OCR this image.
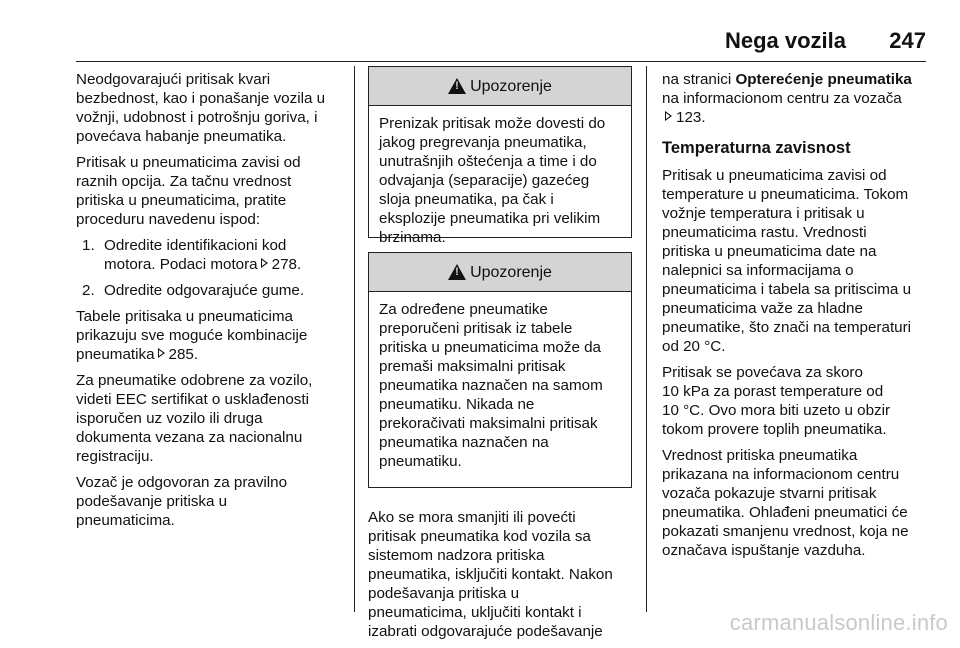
Nega vozila 247

Neodgovarajući pritisak kvari
bezbednost, kao i ponašanje vozila u
vožnji, udobnost i potrošnju goriva, i
povećava habanje pneumatika.

Pritisak u pneumaticima zavisi od
raznih opcija. Za tačnu vrednost
pritiska u pneumaticima, pratite
proceduru navedenu ispod:

1. Odredite identifikacioni kod
motora. Podaci motora 278.
2. Odredite odgovarajuće gume.

Tabele pritisaka u pneumaticima
prikazuju sve moguće kombinacije
pneumatika 285.

Za pneumatike odobrene za vozilo,
videti EEC sertifikat o usklađenosti
isporučen uz vozilo ili druga
dokumenta vezana za nacionalnu
registraciju.

Vozač je odgovoran za pravilno
podešavanje pritiska u
pneumaticima.

!
Upozorenje
Prenizak pritisak može dovesti do
jakog pregrevanja pneumatika,
unutrašnjih oštećenja a time i do
odvajanja (separacije) gazećeg
sloja pneumatika, pa čak i
eksplozije pneumatika pri velikim
brzinama.
!
Upozorenje
Za određene pneumatike
preporučeni pritisak iz tabele
pritiska u pneumaticima može da
premaši maksimalni pritisak
pneumatika naznačen na samom
pneumatiku. Nikada ne
prekoračivati maksimalni pritisak
pneumatika naznačen na
pneumatiku.

Ako se mora smanjiti ili povećti
pritisak pneumatika kod vozila sa
sistemom nadzora pritiska
pneumatika, isključiti kontakt. Nakon
podešavanja pritiska u
pneumaticima, uključiti kontakt i
izabrati odgovarajuće podešavanje

na stranici Opterećenje pneumatika
na informacionom centru za vozača
123.

Temperaturna zavisnost

Pritisak u pneumaticima zavisi od
temperature u pneumaticima. Tokom
vožnje temperatura i pritisak u
pneumaticima rastu. Vrednosti
pritiska u pneumaticima date na
nalepnici sa informacijama o
pneumaticima i tabela sa pritiscima u
pneumaticima važe za hladne
pneumatike, što znači na temperaturi
od 20 °C.

Pritisak se povećava za skoro
10 kPa za porast temperature od
10 °C. Ovo mora biti uzeto u obzir
tokom provere toplih pneumatika.

Vrednost pritiska pneumatika
prikazana na informacionom centru
vozača pokazuje stvarni pritisak
pneumatika. Ohlađeni pneumatici će
pokazati smanjenu vrednost, koja ne
označava ispuštanje vazduha.

carmanualsonline.info
